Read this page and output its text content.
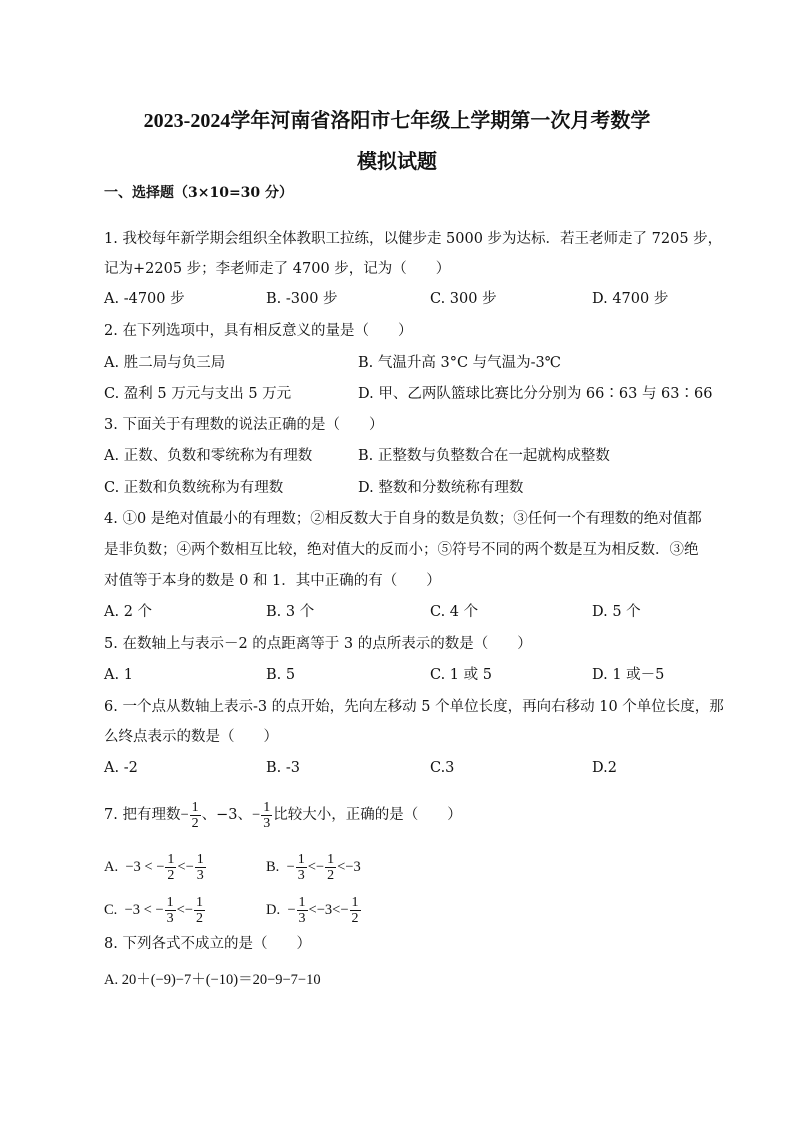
2023-2024学年河南省洛阳市七年级上学期第一次月考数学
模拟试题
一、选择题（3×10=30 分）
1. 我校每年新学期会组织全体教职工拉练，以健步走 5000 步为达标．若王老师走了 7205 步，
记为+2205 步；李老师走了 4700 步，记为（　　）
A. -4700 步	B. -300 步	C. 300 步	D. 4700 步
2. 在下列选项中，具有相反意义的量是（　　）
A. 胜二局与负三局	B. 气温升高 3°C 与气温为-3℃
C. 盈利 5 万元与支出 5 万元	D. 甲、乙两队篮球比赛比分分别为 66∶63 与 63∶66
3. 下面关于有理数的说法正确的是（　　）
A. 正数、负数和零统称为有理数	B. 正整数与负整数合在一起就构成整数
C. 正数和负数统称为有理数	D. 整数和分数统称有理数
4. ①0 是绝对值最小的有理数；②相反数大于自身的数是负数；③任何一个有理数的绝对值都
是非负数；④两个数相互比较，绝对值大的反而小；⑤符号不同的两个数是互为相反数．③绝
对值等于本身的数是 0 和 1．其中正确的有（　　）
A. 2 个	B. 3 个	C. 4 个	D. 5 个
5. 在数轴上与表示－2 的点距离等于 3 的点所表示的数是（　　）
A. 1	B. 5	C. 1 或 5	D. 1 或－5
6. 一个点从数轴上表示-3 的点开始，先向左移动 5 个单位长度，再向右移动 10 个单位长度，那
么终点表示的数是（　　）
A. -2	B. -3	C.3	D.2
7. 把有理数− $\frac{1}{2}$ 、−3、− $\frac{1}{3}$ 比较大小，正确的是（　　）
A. −3 < − $\frac{1}{2} <- \frac{1}{3}$	B. − $\frac{1}{3} <- \frac{1}{2} <-3$
C. −3 < − $\frac{1}{3} <- \frac{1}{2}$	D. − $\frac{1}{3} <-3<- \frac{1}{2}$
8. 下列各式不成立的是（　　）
A. 20＋(−9)−7＋(−10)＝20−9−7−10
